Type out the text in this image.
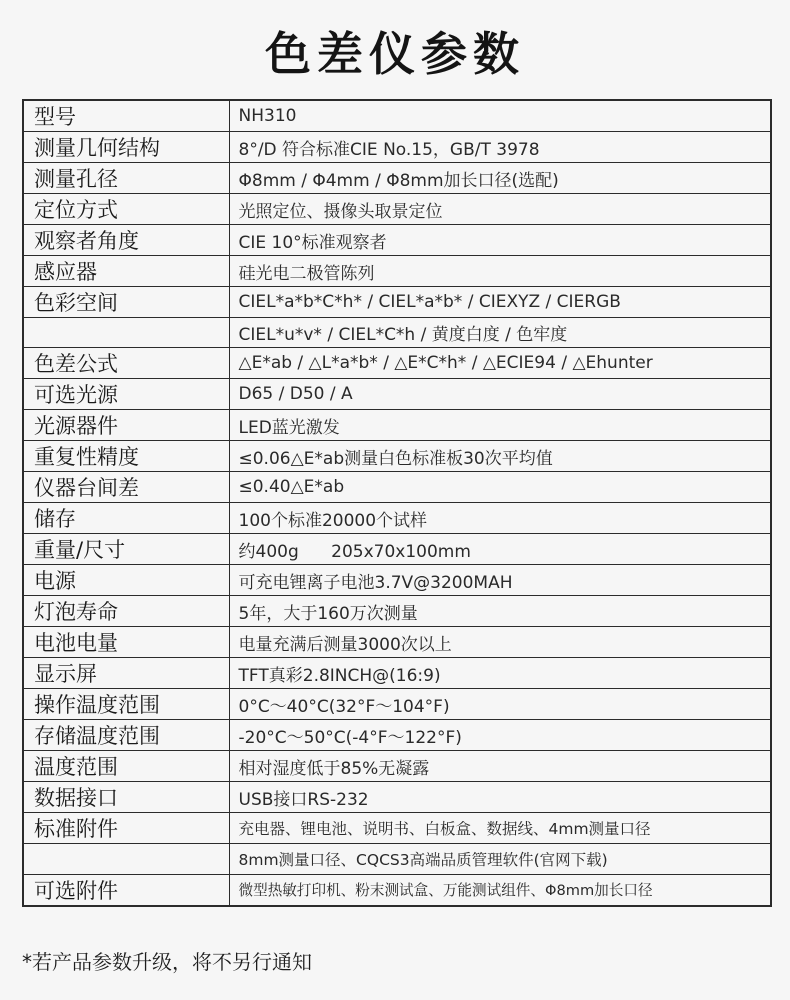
色差仪参数
型号	NH310
测量几何结构	8°/D 符合标准CIE No.15，GB/T 3978
测量孔径	Φ8mm / Φ4mm / Φ8mm加长口径(选配)
定位方式	光照定位、摄像头取景定位
观察者角度	CIE 10°标准观察者
感应器	硅光电二极管陈列
色彩空间	CIEL*a*b*C*h* / CIEL*a*b* / CIEXYZ / CIERGB
	CIEL*u*v* / CIEL*C*h / 黄度白度 / 色牢度
色差公式	△E*ab / △L*a*b* / △E*C*h* / △ECIE94 / △Ehunter
可选光源	D65 / D50 / A
光源器件	LED蓝光激发
重复性精度	≤0.06△E*ab测量白色标准板30次平均值
仪器台间差	≤0.40△E*ab
储存	100个标准20000个试样
重量/尺寸	约400g      205x70x100mm
电源	可充电锂离子电池3.7V@3200MAH
灯泡寿命	5年，大于160万次测量
电池电量	电量充满后测量3000次以上
显示屏	TFT真彩2.8INCH@(16:9)
操作温度范围	0°C～40°C(32°F～104°F)
存储温度范围	-20°C～50°C(-4°F～122°F)
温度范围	相对湿度低于85%无凝露
数据接口	USB接口RS-232
标准附件	充电器、锂电池、说明书、白板盒、数据线、4mm测量口径
	8mm测量口径、CQCS3高端品质管理软件(官网下载)
可选附件	微型热敏打印机、粉末测试盒、万能测试组件、Φ8mm加长口径
*若产品参数升级，将不另行通知
